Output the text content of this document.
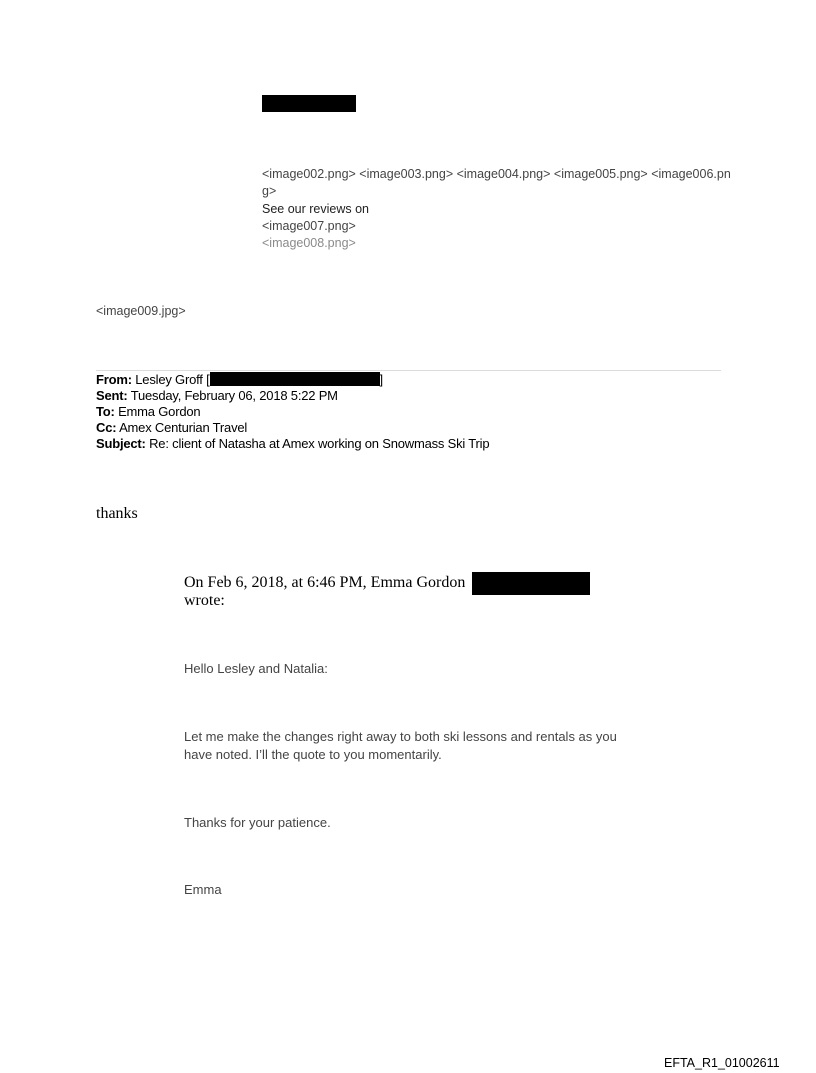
<image002.png> <image003.png> <image004.png> <image005.png> <image006.pn
g>
See our reviews on
<image007.png>
<image008.png>
<image009.jpg>
From: Lesley Groff [	]
Sent: Tuesday, February 06, 2018 5:22 PM
To: Emma Gordon
Cc: Amex Centurian Travel
Subject: Re: client of Natasha at Amex working on Snowmass Ski Trip
thanks
On Feb 6, 2018, at 6:46 PM, Emma Gordon
wrote:
Hello Lesley and Natalia:
Let me make the changes right away to both ski lessons and rentals as you
have noted. I’ll the quote to you momentarily.
Thanks for your patience.
Emma
EFTA_R1_01002611
